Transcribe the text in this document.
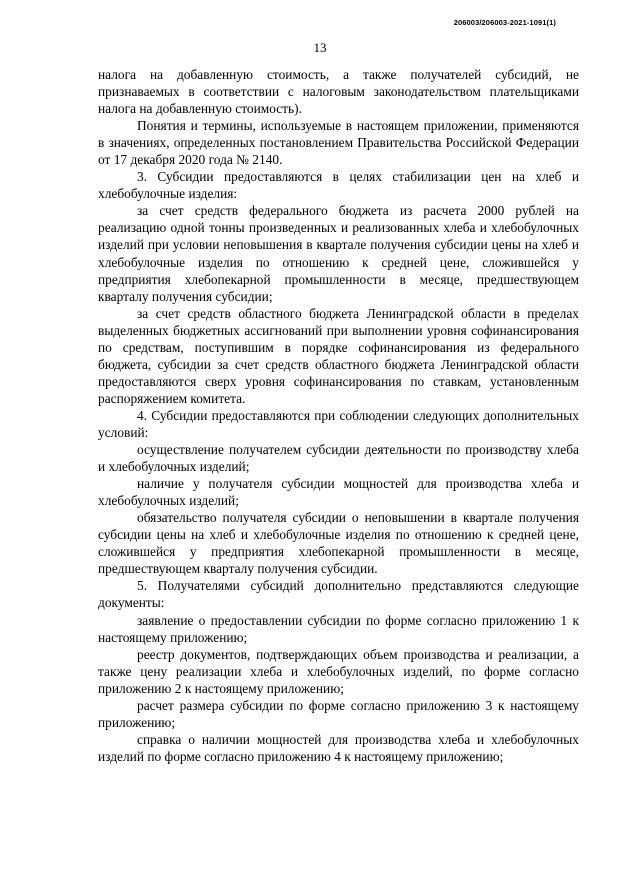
206003/206003-2021-1091(1)
13

налога на добавленную стоимость, а также получателей субсидий, не признаваемых в соответствии с налоговым законодательством плательщиками налога на добавленную стоимость).

Понятия и термины, используемые в настоящем приложении, применяются в значениях, определенных постановлением Правительства Российской Федерации от 17 декабря 2020 года № 2140.

3. Субсидии предоставляются в целях стабилизации цен на хлеб и хлебобулочные изделия:

за счет средств федерального бюджета из расчета 2000 рублей на реализацию одной тонны произведенных и реализованных хлеба и хлебобулочных изделий при условии неповышения в квартале получения субсидии цены на хлеб и хлебобулочные изделия по отношению к средней цене, сложившейся у предприятия хлебопекарной промышленности в месяце, предшествующем кварталу получения субсидии;

за счет средств областного бюджета Ленинградской области в пределах выделенных бюджетных ассигнований при выполнении уровня софинансирования по средствам, поступившим в порядке софинансирования из федерального бюджета, субсидии за счет средств областного бюджета Ленинградской области предоставляются сверх уровня софинансирования по ставкам, установленным распоряжением комитета.

4. Субсидии предоставляются при соблюдении следующих дополнительных условий:

осуществление получателем субсидии деятельности по производству хлеба и хлебобулочных изделий;

наличие у получателя субсидии мощностей для производства хлеба и хлебобулочных изделий;

обязательство получателя субсидии о неповышении в квартале получения субсидии цены на хлеб и хлебобулочные изделия по отношению к средней цене, сложившейся у предприятия хлебопекарной промышленности в месяце, предшествующем кварталу получения субсидии.

5. Получателями субсидий дополнительно представляются следующие документы:

заявление о предоставлении субсидии по форме согласно приложению 1 к настоящему приложению;

реестр документов, подтверждающих объем производства и реализации, а также цену реализации хлеба и хлебобулочных изделий, по форме согласно приложению 2 к настоящему приложению;

расчет размера субсидии по форме согласно приложению 3 к настоящему приложению;

справка о наличии мощностей для производства хлеба и хлебобулочных изделий по форме согласно приложению 4 к настоящему приложению;
